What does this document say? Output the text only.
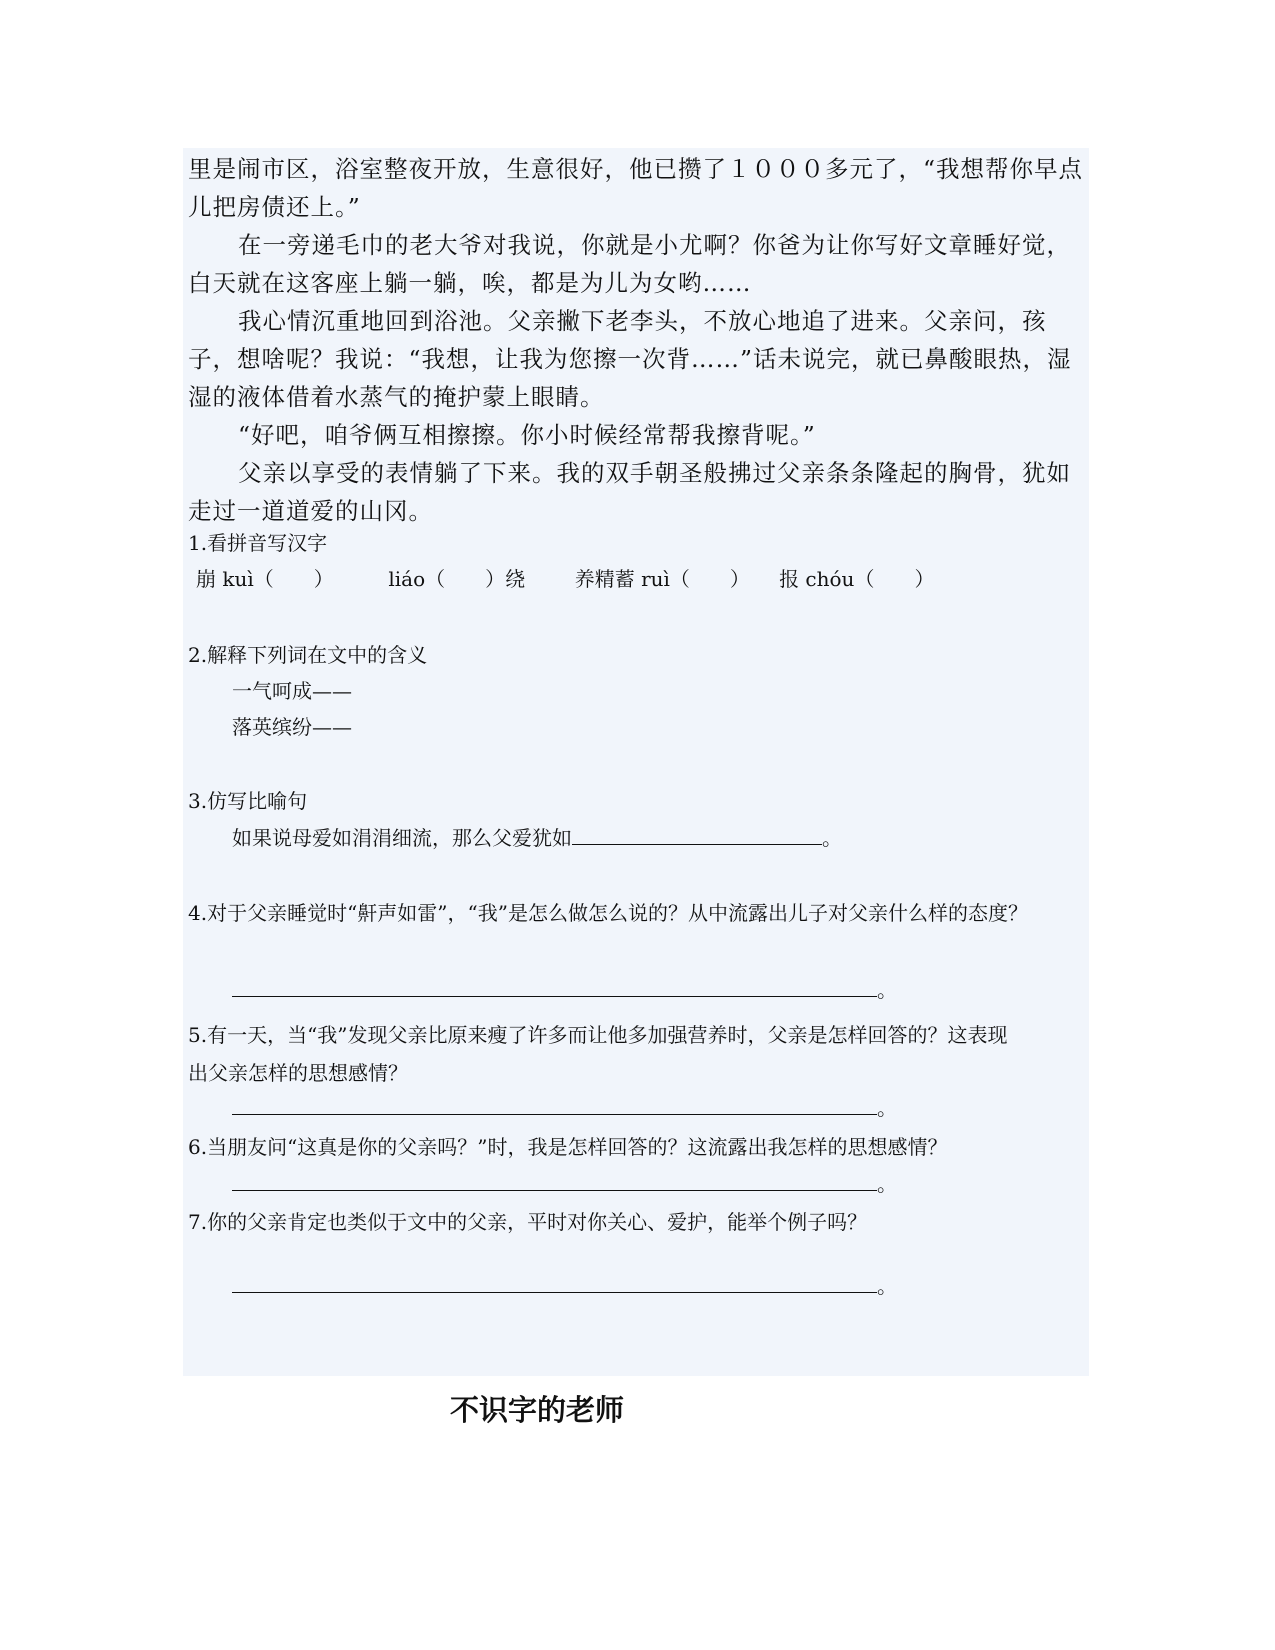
里是闹市区，浴室整夜开放，生意很好，他已攒了１０００多元了，“我想帮你早点儿把房债还上。”

在一旁递毛巾的老大爷对我说，你就是小尤啊？你爸为让你写好文章睡好觉，白天就在这客座上躺一躺，唉，都是为儿为女哟……

我心情沉重地回到浴池。父亲撇下老李头，不放心地追了进来。父亲问，孩子，想啥呢？我说：“我想，让我为您擦一次背……”话未说完，就已鼻酸眼热，湿湿的液体借着水蒸气的掩护蒙上眼睛。

“好吧，咱爷俩互相擦擦。你小时候经常帮我擦背呢。”

父亲以享受的表情躺了下来。我的双手朝圣般拂过父亲条条隆起的胸骨，犹如走过一道道爱的山冈。

1.看拼音写汉字
崩 kuì（　　）	liáo（　　）绕 养精蓄 ruì（　　） 报 chóu（　　）
2.解释下列词在文中的含义
一气呵成——
落英缤纷——
3.仿写比喻句
如果说母爱如涓涓细流，那么父爱犹如	。
4.对于父亲睡觉时“鼾声如雷”，“我”是怎么做怎么说的？从中流露出儿子对父亲什么样的态度？
。
5.有一天，当“我”发现父亲比原来瘦了许多而让他多加强营养时，父亲是怎样回答的？这表现
出父亲怎样的思想感情？
。
6.当朋友问“这真是你的父亲吗？”时，我是怎样回答的？这流露出我怎样的思想感情？
。
7.你的父亲肯定也类似于文中的父亲，平时对你关心、爱护，能举个例子吗？
。
不识字的老师
